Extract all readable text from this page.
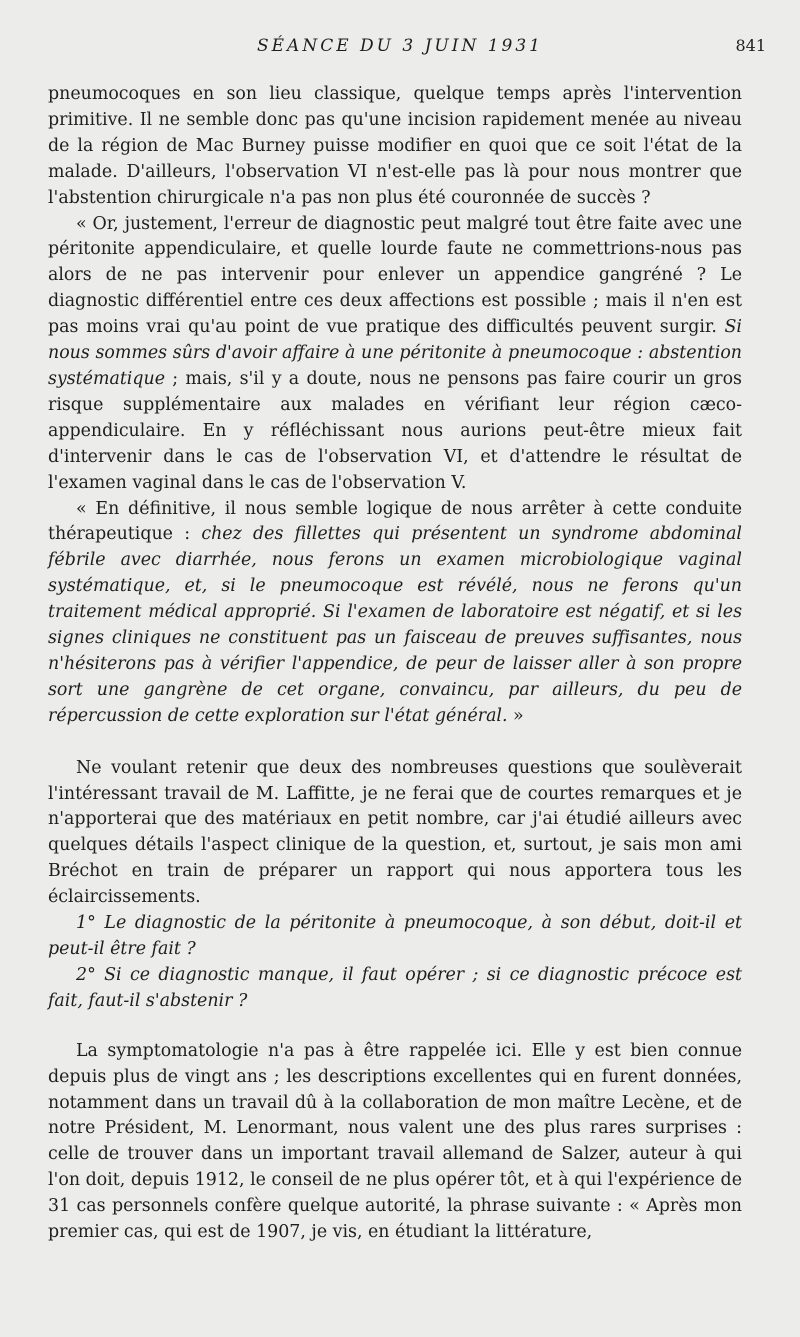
SÉANCE DU 3 JUIN 1931	841

pneumocoques en son lieu classique, quelque temps après l'intervention primitive. Il ne semble donc pas qu'une incision rapidement menée au niveau de la région de Mac Burney puisse modifier en quoi que ce soit l'état de la malade. D'ailleurs, l'observation VI n'est-elle pas là pour nous montrer que l'abstention chirurgicale n'a pas non plus été couronnée de succès ?

« Or, justement, l'erreur de diagnostic peut malgré tout être faite avec une péritonite appendiculaire, et quelle lourde faute ne commettrions-nous pas alors de ne pas intervenir pour enlever un appendice gangréné ? Le diagnostic différentiel entre ces deux affections est possible ; mais il n'en est pas moins vrai qu'au point de vue pratique des difficultés peuvent surgir. Si nous sommes sûrs d'avoir affaire à une péritonite à pneumocoque : abstention systématique ; mais, s'il y a doute, nous ne pensons pas faire courir un gros risque supplémentaire aux malades en vérifiant leur région cæco-appendiculaire. En y réfléchissant nous aurions peut-être mieux fait d'intervenir dans le cas de l'observation VI, et d'attendre le résultat de l'examen vaginal dans le cas de l'observation V.

« En définitive, il nous semble logique de nous arrêter à cette conduite thérapeutique : chez des fillettes qui présentent un syndrome abdominal fébrile avec diarrhée, nous ferons un examen microbiologique vaginal systématique, et, si le pneumocoque est révélé, nous ne ferons qu'un traitement médical approprié. Si l'examen de laboratoire est négatif, et si les signes cliniques ne constituent pas un faisceau de preuves suffisantes, nous n'hésiterons pas à vérifier l'appendice, de peur de laisser aller à son propre sort une gangrène de cet organe, convaincu, par ailleurs, du peu de répercussion de cette exploration sur l'état général. »

Ne voulant retenir que deux des nombreuses questions que soulèverait l'intéressant travail de M. Laffitte, je ne ferai que de courtes remarques et je n'apporterai que des matériaux en petit nombre, car j'ai étudié ailleurs avec quelques détails l'aspect clinique de la question, et, surtout, je sais mon ami Bréchot en train de préparer un rapport qui nous apportera tous les éclaircissements.

1° Le diagnostic de la péritonite à pneumocoque, à son début, doit-il et peut-il être fait ?

2° Si ce diagnostic manque, il faut opérer ; si ce diagnostic précoce est fait, faut-il s'abstenir ?

La symptomatologie n'a pas à être rappelée ici. Elle y est bien connue depuis plus de vingt ans ; les descriptions excellentes qui en furent données, notamment dans un travail dû à la collaboration de mon maître Lecène, et de notre Président, M. Lenormant, nous valent une des plus rares surprises : celle de trouver dans un important travail allemand de Salzer, auteur à qui l'on doit, depuis 1912, le conseil de ne plus opérer tôt, et à qui l'expérience de 31 cas personnels confère quelque autorité, la phrase suivante : « Après mon premier cas, qui est de 1907, je vis, en étudiant la littérature,
